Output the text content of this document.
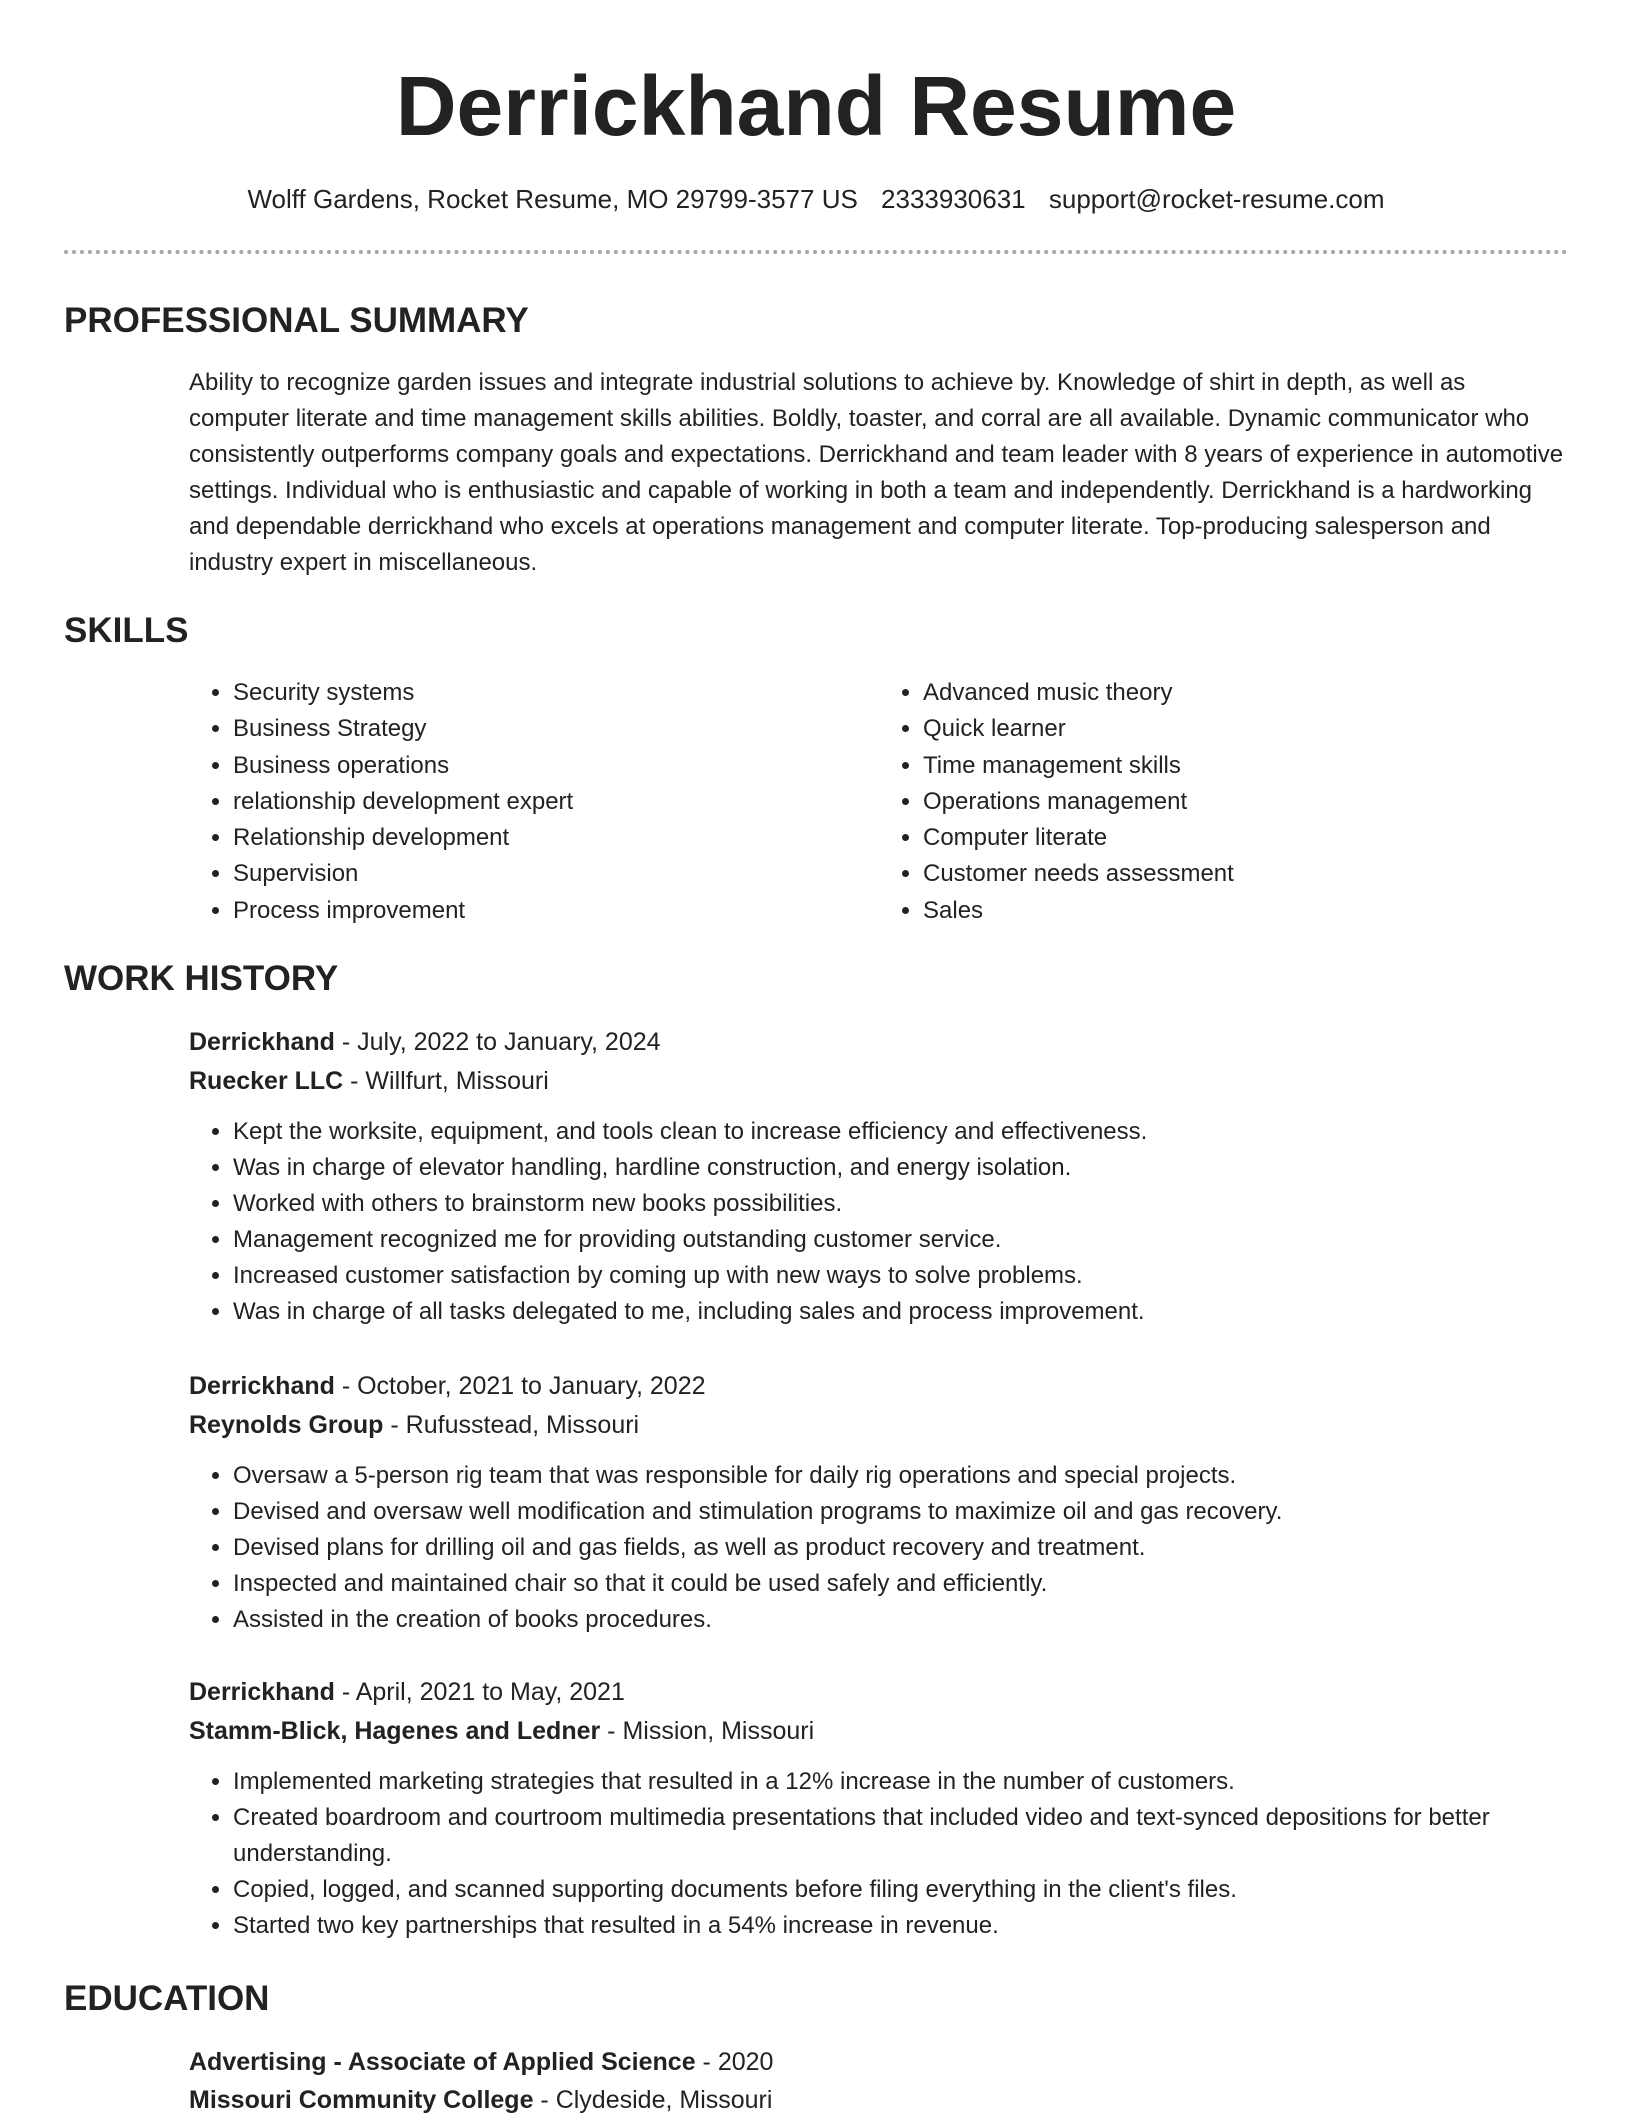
Derrickhand Resume
Wolff Gardens, Rocket Resume, MO 29799-3577 US 2333930631 support@rocket-resume.com
PROFESSIONAL SUMMARY

Ability to recognize garden issues and integrate industrial solutions to achieve by. Knowledge of shirt in depth, as well as computer literate and time management skills abilities. Boldly, toaster, and corral are all available. Dynamic communicator who consistently outperforms company goals and expectations. Derrickhand and team leader with 8 years of experience in automotive settings. Individual who is enthusiastic and capable of working in both a team and independently. Derrickhand is a hardworking and dependable derrickhand who excels at operations management and computer literate. Top-producing salesperson and industry expert in miscellaneous.

SKILLS
• Security systems
• Business Strategy
• Business operations
• relationship development expert
• Relationship development
• Supervision
• Process improvement
• Advanced music theory
• Quick learner
• Time management skills
• Operations management
• Computer literate
• Customer needs assessment
• Sales
WORK HISTORY
Derrickhand - July, 2022 to January, 2024
Ruecker LLC - Willfurt, Missouri
• Kept the worksite, equipment, and tools clean to increase efficiency and effectiveness.
• Was in charge of elevator handling, hardline construction, and energy isolation.
• Worked with others to brainstorm new books possibilities.
• Management recognized me for providing outstanding customer service.
• Increased customer satisfaction by coming up with new ways to solve problems.
• Was in charge of all tasks delegated to me, including sales and process improvement.
Derrickhand - October, 2021 to January, 2022
Reynolds Group - Rufusstead, Missouri
• Oversaw a 5-person rig team that was responsible for daily rig operations and special projects.
• Devised and oversaw well modification and stimulation programs to maximize oil and gas recovery.
• Devised plans for drilling oil and gas fields, as well as product recovery and treatment.
• Inspected and maintained chair so that it could be used safely and efficiently.
• Assisted in the creation of books procedures.
Derrickhand - April, 2021 to May, 2021
Stamm-Blick, Hagenes and Ledner - Mission, Missouri
• Implemented marketing strategies that resulted in a 12% increase in the number of customers.
• Created boardroom and courtroom multimedia presentations that included video and text-synced depositions for better understanding.
• Copied, logged, and scanned supporting documents before filing everything in the client's files.
• Started two key partnerships that resulted in a 54% increase in revenue.
EDUCATION
Advertising - Associate of Applied Science - 2020
Missouri Community College - Clydeside, Missouri
